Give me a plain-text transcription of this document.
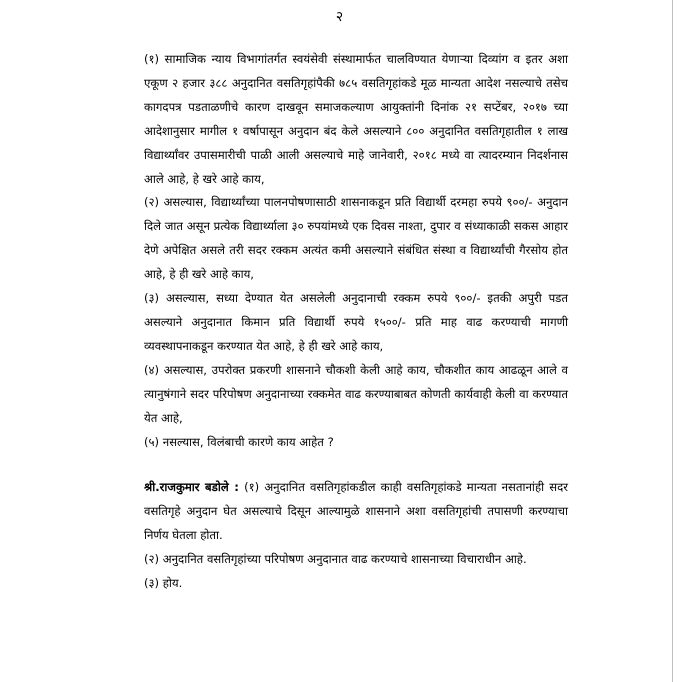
२

(१) सामाजिक न्याय विभागांतर्गत स्वयंसेवी संस्थामार्फत चालविण्यात येणाऱ्या दिव्यांग व इतर अशा एकूण २ हजार ३८८ अनुदानित वसतिगृहांपैकी ७८५ वसतिगृहांकडे मूळ मान्यता आदेश नसल्याचे तसेच कागदपत्र पडताळणीचे कारण दाखवून समाजकल्याण आयुक्तांनी दिनांक २१ सप्टेंबर, २०१७ च्या आदेशानुसार मागील १ वर्षापासून अनुदान बंद केले असल्याने ८०० अनुदानित वसतिगृहातील १ लाख विद्यार्थ्यांवर उपासमारीची पाळी आली असल्याचे माहे जानेवारी, २०१८ मध्ये वा त्यादरम्यान निदर्शनास आले आहे, हे खरे आहे काय,

(२) असल्यास, विद्यार्थ्यांच्या पालनपोषणासाठी शासनाकडून प्रति विद्यार्थी दरमहा रुपये ९००/- अनुदान दिले जात असून प्रत्येक विद्यार्थ्याला ३० रुपयांमध्ये एक दिवस नाश्ता, दुपार व संध्याकाळी सकस आहार देणे अपेक्षित असले तरी सदर रक्कम अत्यंत कमी असल्याने संबंधित संस्था व विद्यार्थ्यांची गैरसोय होत आहे, हे ही खरे आहे काय,

(३) असल्यास, सध्या देण्यात येत असलेली अनुदानाची रक्कम रुपये ९००/- इतकी अपुरी पडत असल्याने अनुदानात किमान प्रति विद्यार्थी रुपये १५००/- प्रति माह वाढ करण्याची मागणी व्यवस्थापनाकडून करण्यात येत आहे, हे ही खरे आहे काय,

(४) असल्यास, उपरोक्त प्रकरणी शासनाने चौकशी केली आहे काय, चौकशीत काय आढळून आले व त्यानुषंगाने सदर परिपोषण अनुदानाच्या रक्कमेत वाढ करण्याबाबत कोणती कार्यवाही केली वा करण्यात येत आहे,

(५) नसल्यास, विलंबाची कारणे काय आहेत ?

श्री.राजकुमार बडोले : (१) अनुदानित वसतिगृहांकडील काही वसतिगृहांकडे मान्यता नसतानांही सदर वसतिगृहे अनुदान घेत असल्याचे दिसून आल्यामुळे शासनाने अशा वसतिगृहांची तपासणी करण्याचा निर्णय घेतला होता.

(२) अनुदानित वसतिगृहांच्या परिपोषण अनुदानात वाढ करण्याचे शासनाच्या विचाराधीन आहे.

(३) होय.
